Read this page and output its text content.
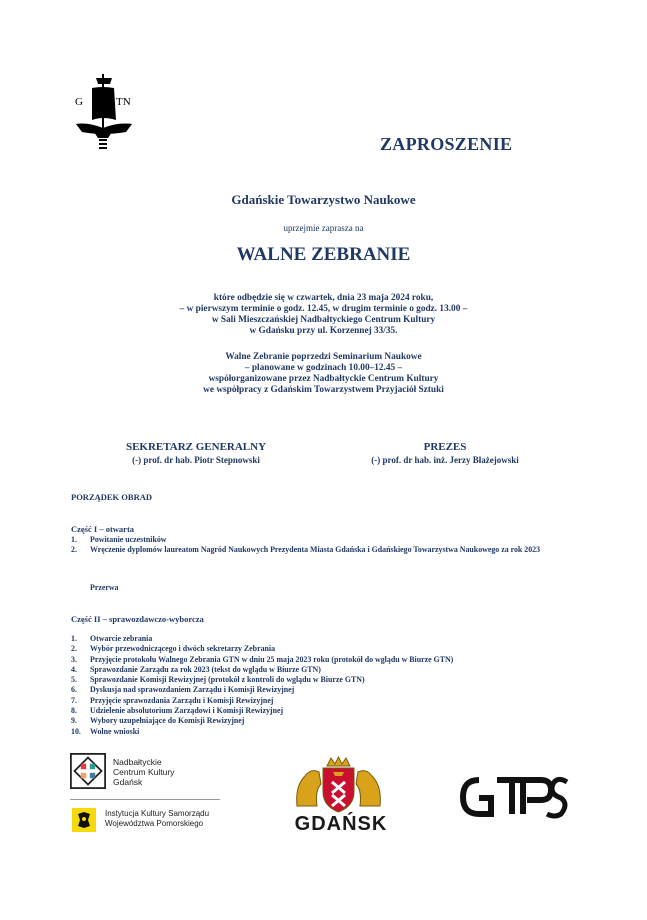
G	TN
ZAPROSZENIE
Gdańskie Towarzystwo Naukowe
uprzejmie zaprasza na
WALNE ZEBRANIE
które odbędzie się w czwartek, dnia 23 maja 2024 roku,
– w pierwszym terminie o godz. 12.45, w drugim terminie o godz. 13.00 –
w Sali Mieszczańskiej Nadbałtyckiego Centrum Kultury
w Gdańsku przy ul. Korzennej 33/35.
Walne Zebranie poprzedzi Seminarium Naukowe
– planowane w godzinach 10.00–12.45 –
współorganizowane przez Nadbałtyckie Centrum Kultury
we współpracy z Gdańskim Towarzystwem Przyjaciół Sztuki
SEKRETARZ GENERALNY
(-) prof. dr hab. Piotr Stepnowski
PREZES
(-) prof. dr hab. inż. Jerzy Błażejowski
PORZĄDEK OBRAD
Część I – otwarta
1. Powitanie uczestników
2. Wręczenie dyplomów laureatom Nagród Naukowych Prezydenta Miasta Gdańska i Gdańskiego Towarzystwa Naukowego za rok 2023
Przerwa
Część II – sprawozdawczo-wyborcza
1. Otwarcie zebrania
2. Wybór przewodniczącego i dwóch sekretarzy Zebrania
3. Przyjęcie protokołu Walnego Zebrania GTN w dniu 25 maja 2023 roku (protokół do wglądu w Biurze GTN)
4. Sprawozdanie Zarządu za rok 2023 (tekst do wglądu w Biurze GTN)
5. Sprawozdanie Komisji Rewizyjnej (protokół z kontroli do wglądu w Biurze GTN)
6. Dyskusja nad sprawozdaniem Zarządu i Komisji Rewizyjnej
7. Przyjęcie sprawozdania Zarządu i Komisji Rewizyjnej
8. Udzielenie absolutorium Zarządowi i Komisji Rewizyjnej
9. Wybory uzupełniające do Komisji Rewizyjnej
10. Wolne wnioski
Nadbałtyckie
Centrum Kultury
Gdańsk
Instytucja Kultury Samorządu
Województwa Pomorskiego	GDAŃSK
